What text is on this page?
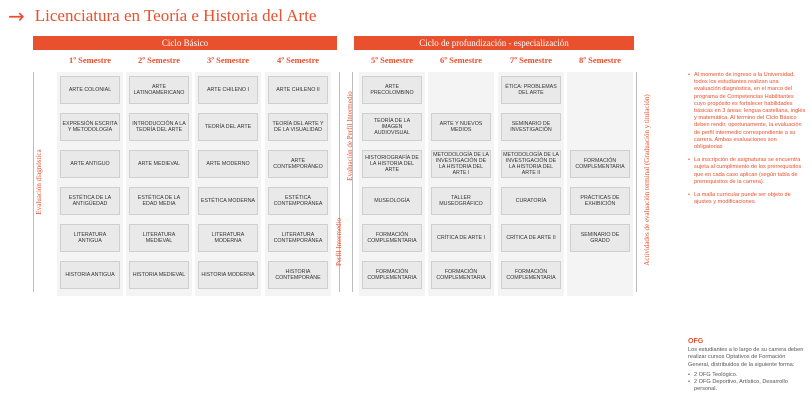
→ Licenciatura en Teoría e Historia del Arte
Ciclo Básico	Ciclo de profundización - especialización
1º Semestre
ARTE COLONIAL
EXPRESIÓN ESCRITA Y METODOLOGÍA
ARTE ANTIGUO
ESTÉTICA DE LA ANTIGÜEDAD
LITERATURA ANTIGUA
HISTORIA ANTIGUA
2º Semestre
ARTE LATINOAMERICANO
INTRODUCCIÓN A LA TEORÍA DEL ARTE
ARTE MEDIEVAL
ESTÉTICA DE LA EDAD MEDIA
LITERATURA MEDIEVAL
HISTORIA MEDIEVAL
3º Semestre
ARTE CHILENO I
TEORÍA DEL ARTE
ARTE MODERNO
ESTÉTICA MODERNA
LITERATURA MODERNA
HISTORIA MODERNA
4º Semestre
ARTE CHILENO II
TEORÍA DEL ARTE Y DE LA VISUALIDAD
ARTE CONTEMPORÁNEO
ESTÉTICA CONTEMPORÁNEA
LITERATURA CONTEMPORÁNEA
HISTORIA CONTEMPORÁNE
5º Semestre
ARTE PRECOLOMBINO
TEORÍA DE LA IMAGEN AUDIOVISUAL
HISTORIOGRAFÍA DE LA HISTORIA DEL ARTE
MUSEOLOGÍA
FORMACIÓN COMPLEMENTARIA
FORMACIÓN COMPLEMENTARIA
6º Semestre
ARTE Y NUEVOS MEDIOS
METODOLOGÍA DE LA INVESTIGACIÓN DE LA HISTORIA DEL ARTE I
TALLER MUSEOGRÁFICO
CRÍTICA DE ARTE I
FORMACIÓN COMPLEMENTARIA
7º Semestre
ÉTICA: PROBLEMAS DEL ARTE
SEMINARIO DE INVESTIGACIÓN
METODOLOGÍA DE LA INVESTIGACIÓN DE LA HISTORIA DEL ARTE II
CURATORÍA
CRÍTICA DE ARTE II
FORMACIÓN COMPLEMENTARIA
8º Semestre
FORMACIÓN COMPLEMENTARIA
PRÁCTICAS DE EXHIBICIÓN
SEMINARIO DE GRADO
Evaluación diagnóstica
Perfil Intermedio
Evaluación de Perfil Intermedio	Actividades de evaluación terminal (Graduación y titulación)
• Al momento de ingreso a la Universidad, todos los estudiantes realizan una evaluación diagnóstica, en el marco del programa de Competencias Habilitantes cuyo propósito es fortalecer habilidades básicas en 3 áreas: lengua castellana, inglés y matemática. Al término del Ciclo Básico deben rendir, oportunamente, la evaluación de perfil intermedio correspondiente a su carrera. Ambas evaluaciones son obligatorias
• La inscripción de asignaturas se encuentra sujeta al cumplimiento de los prerrequisitos que en cada caso aplican (según tabla de prerrequisitos de la carrera).
• La malla curricular puede ser objeto de ajustes y modificaciones.
OFG
Los estudiantes a lo largo de su carrera deben realizar cursos Optativos de Formación General, distribuidos de la siguiente forma:
• 2 OFG Teológico.
• 2 OFG Deportivo, Artístico, Desarrollo personal.
